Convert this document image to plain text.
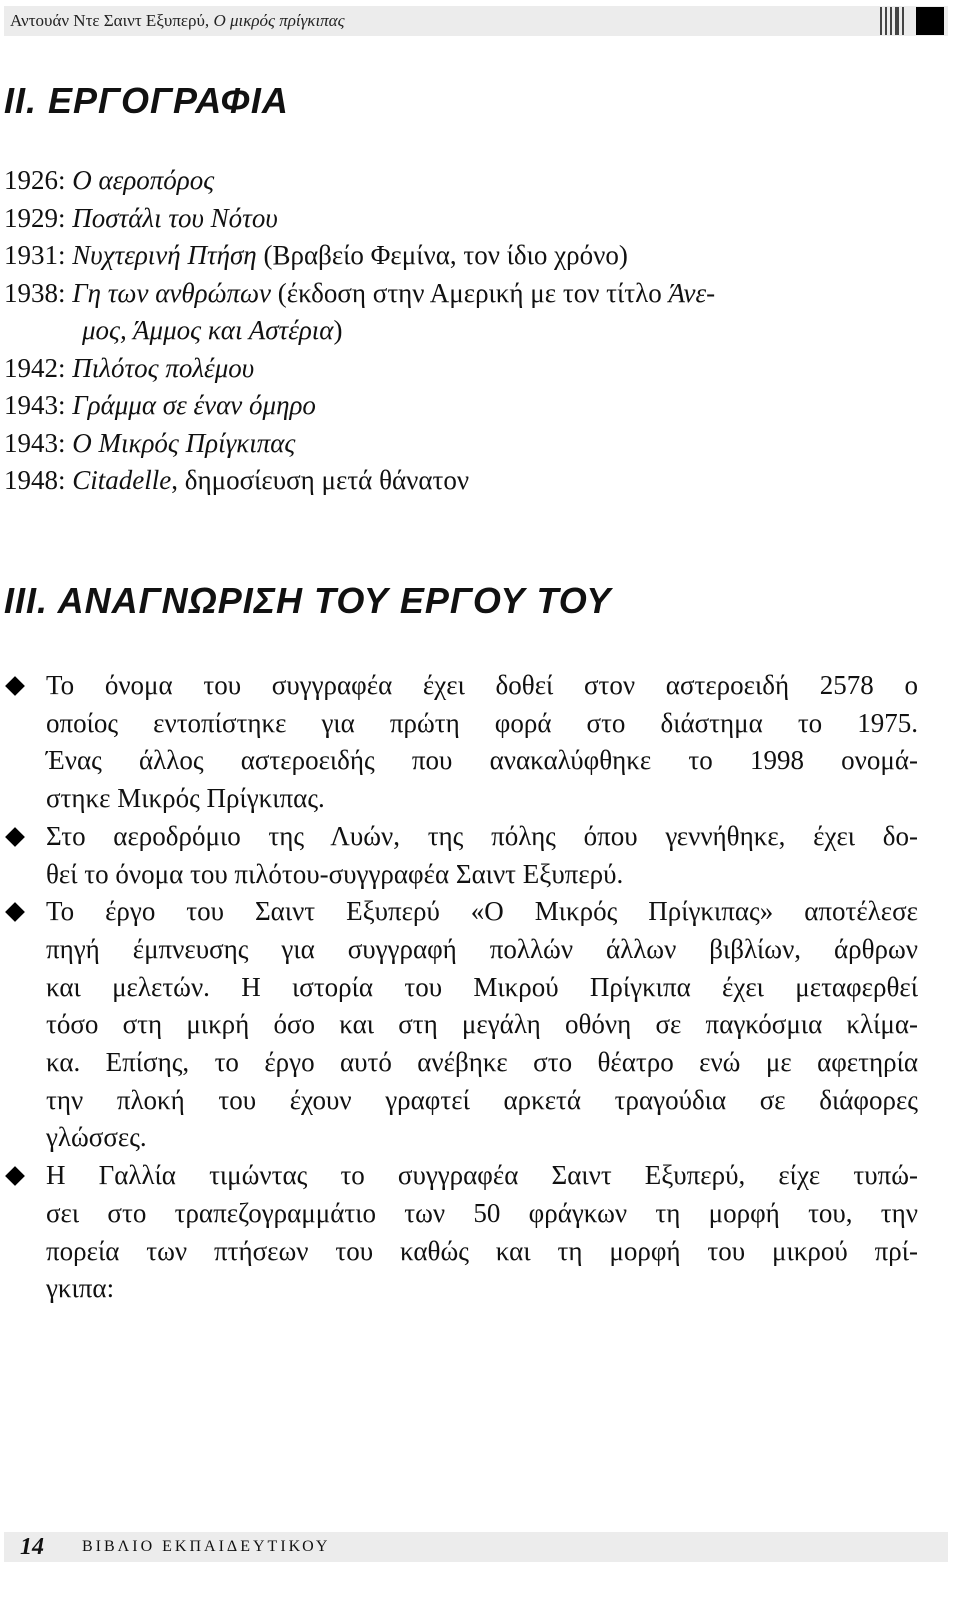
Αντουάν Ντε Σαιντ Εξυπερύ, Ο μικρός πρίγκιπας
ΙΙ. ΕΡΓΟΓΡΑΦΙΑ
1926 : Ο αεροπόρος
1929 : Ποστάλι του Νότου
1931 : Νυχτερινή Πτήση (Βραβείο Φεμίνα, τον ίδιο χρόνο)
1938 : Γη των ανθρώπων (έκδοση στην Αμερική με τον τίτλο Άνε-
μος, Άμμος και Αστέρια)
1942 : Πιλότος πολέμου
1943 : Γράμμα σε έναν όμηρο
1943 : Ο Μικρός Πρίγκιπας
1948 : Citadelle, δημοσίευση μετά θάνατον
ΙΙΙ. ΑΝΑΓΝΩΡΙΣΗ ΤΟΥ ΕΡΓΟΥ ΤΟΥ
Το όνομα του συγγραφέα έχει δοθεί στον αστεροειδή 2578 ο
οποίος εντοπίστηκε για πρώτη φορά στο διάστημα το 1975.
Ένας άλλος αστεροειδής που ανακαλύφθηκε το 1998 ονομά-
στηκε Μικρός Πρίγκιπας.
Στο αεροδρόμιο της Λυών, της πόλης όπου γεννήθηκε, έχει δο-
θεί το όνομα του πιλότου-συγγραφέα Σαιντ Εξυπερύ.
Το έργο του Σαιντ Εξυπερύ «Ο Μικρός Πρίγκιπας» αποτέλεσε
πηγή έμπνευσης για συγγραφή πολλών άλλων βιβλίων, άρθρων
και μελετών. Η ιστορία του Μικρού Πρίγκιπα έχει μεταφερθεί
τόσο στη μικρή όσο και στη μεγάλη οθόνη σε παγκόσμια κλίμα-
κα. Επίσης, το έργο αυτό ανέβηκε στο θέατρο ενώ με αφετηρία
την πλοκή του έχουν γραφτεί αρκετά τραγούδια σε διάφορες
γλώσσες.
Η Γαλλία τιμώντας το συγγραφέα Σαιντ Εξυπερύ, είχε τυπώ-
σει στο τραπεζογραμμάτιο των 50 φράγκων τη μορφή του, την
πορεία των πτήσεων του καθώς και τη μορφή του μικρού πρί-
γκιπα:
14 ΒΙΒΛΙΟ ΕΚΠΑΙΔΕΥΤΙΚΟΥ
